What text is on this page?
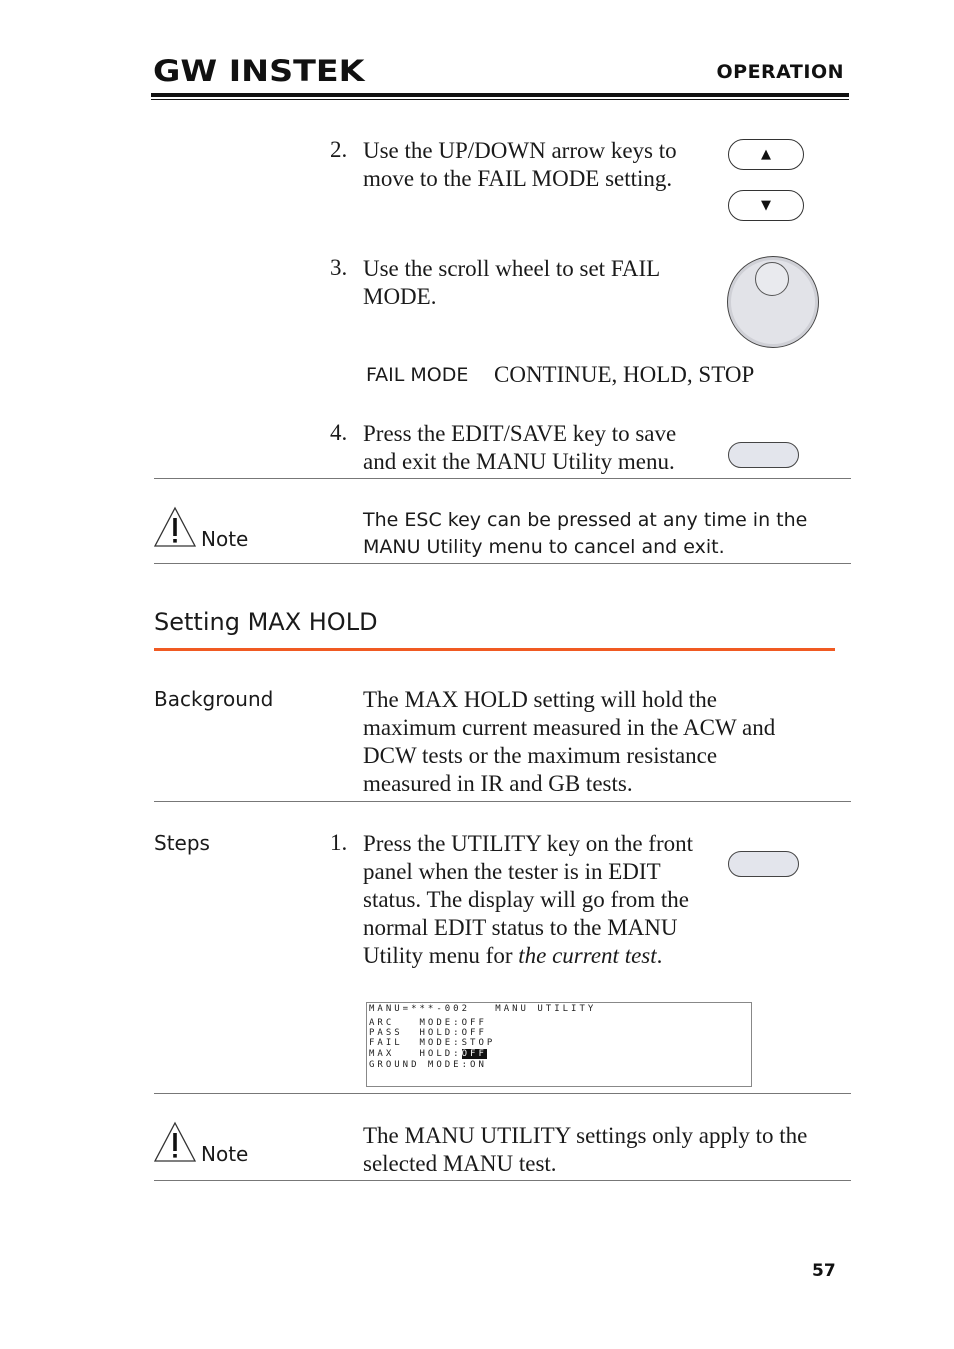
GW INSTEK	OPERATION
2. Use the UP/DOWN arrow keys to
move to the FAIL MODE setting.
▲
▼
3. Use the scroll wheel to set FAIL
MODE.
FAIL MODE CONTINUE, HOLD, STOP
4. Press the EDIT/SAVE key to save
and exit the MANU Utility menu.
Note
The ESC key can be pressed at any time in the
MANU Utility menu to cancel and exit.
Setting MAX HOLD
Background	The MAX HOLD setting will hold the
maximum current measured in the ACW and
DCW tests or the maximum resistance
measured in IR and GB tests.
Steps	1. Press the UTILITY key on the front
panel when the tester is in EDIT
status. The display will go from the
normal EDIT status to the MANU
Utility menu for the current test.
MANU=***-002   MANU UTILITY
ARC   MODE:OFF
PASS  HOLD:OFF
FAIL  MODE:STOP
MAX   HOLD:OFF
GROUND MODE:ON
Note
The MANU UTILITY settings only apply to the
selected MANU test.
57
